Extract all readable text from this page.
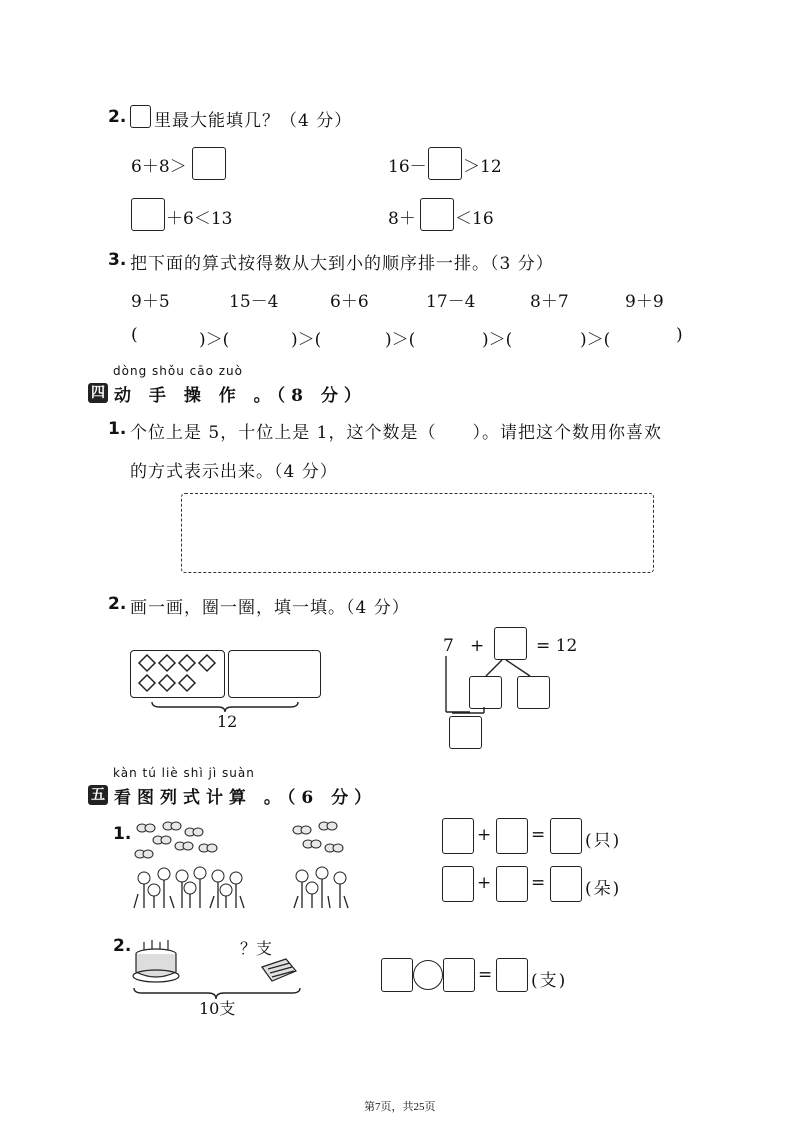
2. 里最大能填几？（4 分）
6＋8＞	16－ ＞12
＋6＜13	8＋ ＜16
3. 把下面的算式按得数从大到小的顺序排一排。（3 分）
9＋5	15－4	6＋6	17－4	8＋7	9＋9
(	)＞(	)＞(	)＞(	)＞(	)＞(	)
dòng shǒu cāo zuò
四 动 手 操 作 。（8 分）
1. 个位上是 5，十位上是 1，这个数是（　　）。请把这个数用你喜欢
的方式表示出来。（4 分）
2. 画一画，圈一圈，填一填。（4 分）
12
7 +	= 12
kàn tú liè shì jì suàn
五 看图列式计算 。（6 分）
1.	+ = (只)
+ = (朵)
2.	？支
10支
= (支)
第7页，共25页
